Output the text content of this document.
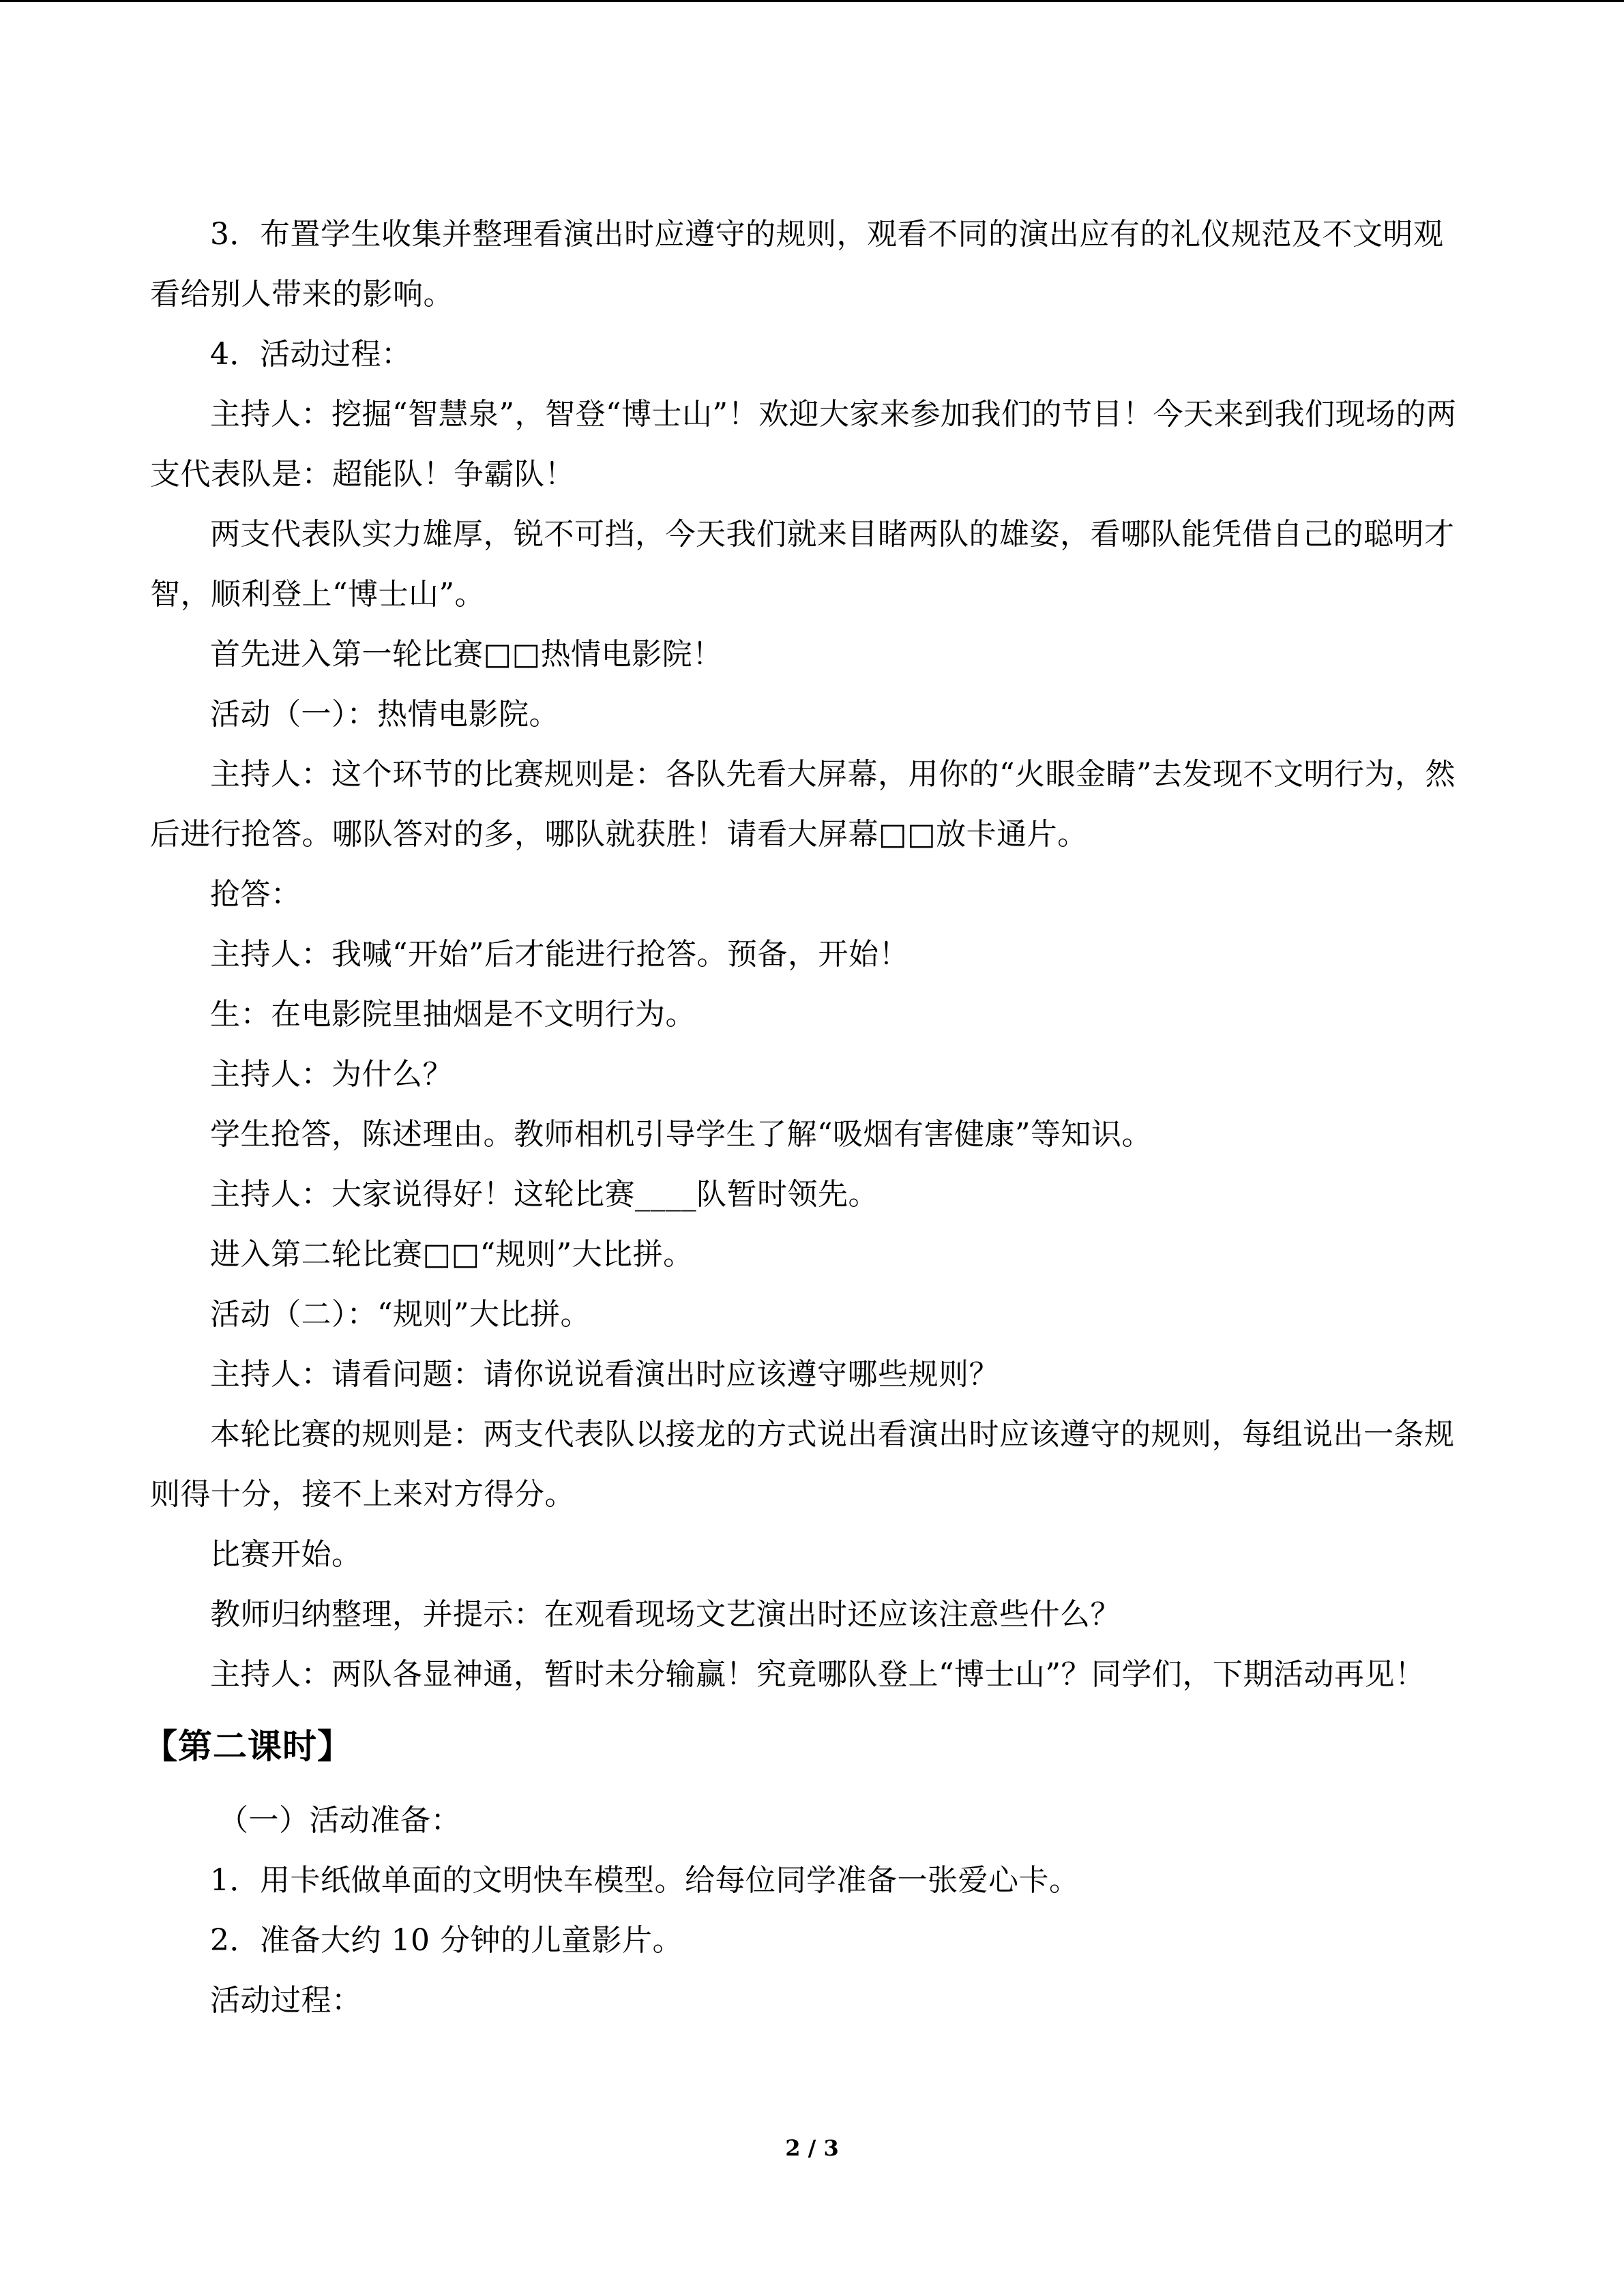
3．布置学生收集并整理看演出时应遵守的规则，观看不同的演出应有的礼仪规范及不文明观看给别人带来的影响。

4．活动过程：

主持人：挖掘“智慧泉”，智登“博士山”！欢迎大家来参加我们的节目！今天来到我们现场的两支代表队是：超能队！争霸队！

两支代表队实力雄厚，锐不可挡，今天我们就来目睹两队的雄姿，看哪队能凭借自己的聪明才智，顺利登上“博士山”。

首先进入第一轮比赛□□热情电影院！

活动（一）：热情电影院。

主持人：这个环节的比赛规则是：各队先看大屏幕，用你的“火眼金睛”去发现不文明行为，然后进行抢答。哪队答对的多，哪队就获胜！请看大屏幕□□放卡通片。

抢答：

主持人：我喊“开始”后才能进行抢答。预备，开始！

生：在电影院里抽烟是不文明行为。

主持人：为什么？

学生抢答，陈述理由。教师相机引导学生了解“吸烟有害健康”等知识。

主持人：大家说得好！这轮比赛____队暂时领先。

进入第二轮比赛□□“规则”大比拼。

活动（二）：“规则”大比拼。

主持人：请看问题：请你说说看演出时应该遵守哪些规则？

本轮比赛的规则是：两支代表队以接龙的方式说出看演出时应该遵守的规则，每组说出一条规则得十分，接不上来对方得分。

比赛开始。

教师归纳整理，并提示：在观看现场文艺演出时还应该注意些什么？

主持人：两队各显神通，暂时未分输赢！究竟哪队登上“博士山”？同学们，下期活动再见！

【第二课时】

（一）活动准备：

1．用卡纸做单面的文明快车模型。给每位同学准备一张爱心卡。

2．准备大约 10 分钟的儿童影片。

活动过程：

2 / 3
